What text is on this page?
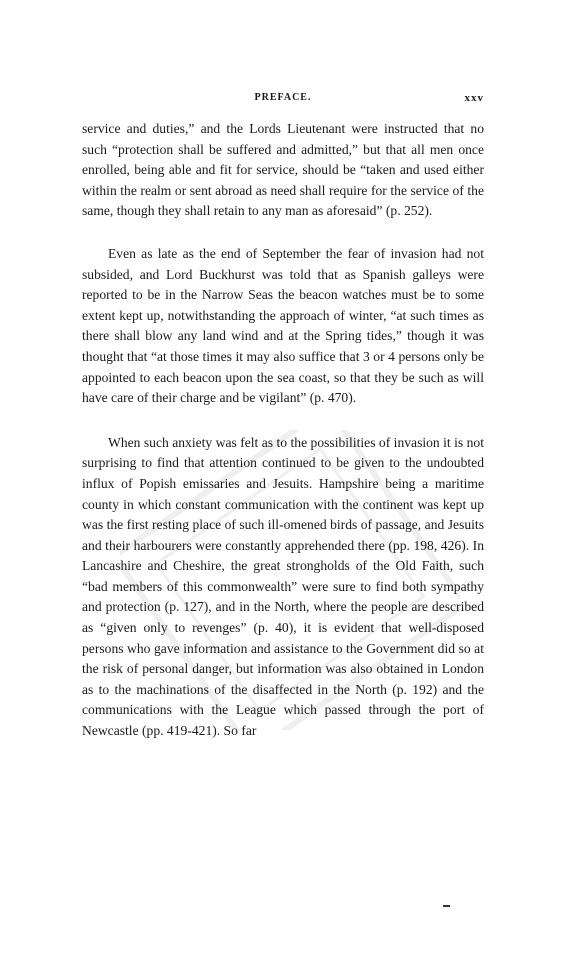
PREFACE.	xxv

service and duties,” and the Lords Lieutenant were instructed that no such “protection shall be suffered and admitted,” but that all men once enrolled, being able and fit for service, should be “taken and used either within the realm or sent abroad as need shall require for the service of the same, though they shall retain to any man as aforesaid” (p. 252).

Even as late as the end of September the fear of invasion had not subsided, and Lord Buckhurst was told that as Spanish galleys were reported to be in the Narrow Seas the beacon watches must be to some extent kept up, notwithstanding the approach of winter, “at such times as there shall blow any land wind and at the Spring tides,” though it was thought that “at those times it may also suffice that 3 or 4 persons only be appointed to each beacon upon the sea coast, so that they be such as will have care of their charge and be vigilant” (p. 470).

When such anxiety was felt as to the possibilities of invasion it is not surprising to find that attention continued to be given to the undoubted influx of Popish emissaries and Jesuits. Hampshire being a maritime county in which constant communication with the continent was kept up was the first resting place of such ill-omened birds of passage, and Jesuits and their harbourers were constantly apprehended there (pp. 198, 426). In Lancashire and Cheshire, the great strongholds of the Old Faith, such “bad members of this commonwealth” were sure to find both sympathy and protection (p. 127), and in the North, where the people are described as “given only to revenges” (p. 40), it is evident that well-disposed persons who gave information and assistance to the Government did so at the risk of personal danger, but information was also obtained in London as to the machinations of the disaffected in the North (p. 192) and the communications with the League which passed through the port of Newcastle (pp. 419-421). So far
